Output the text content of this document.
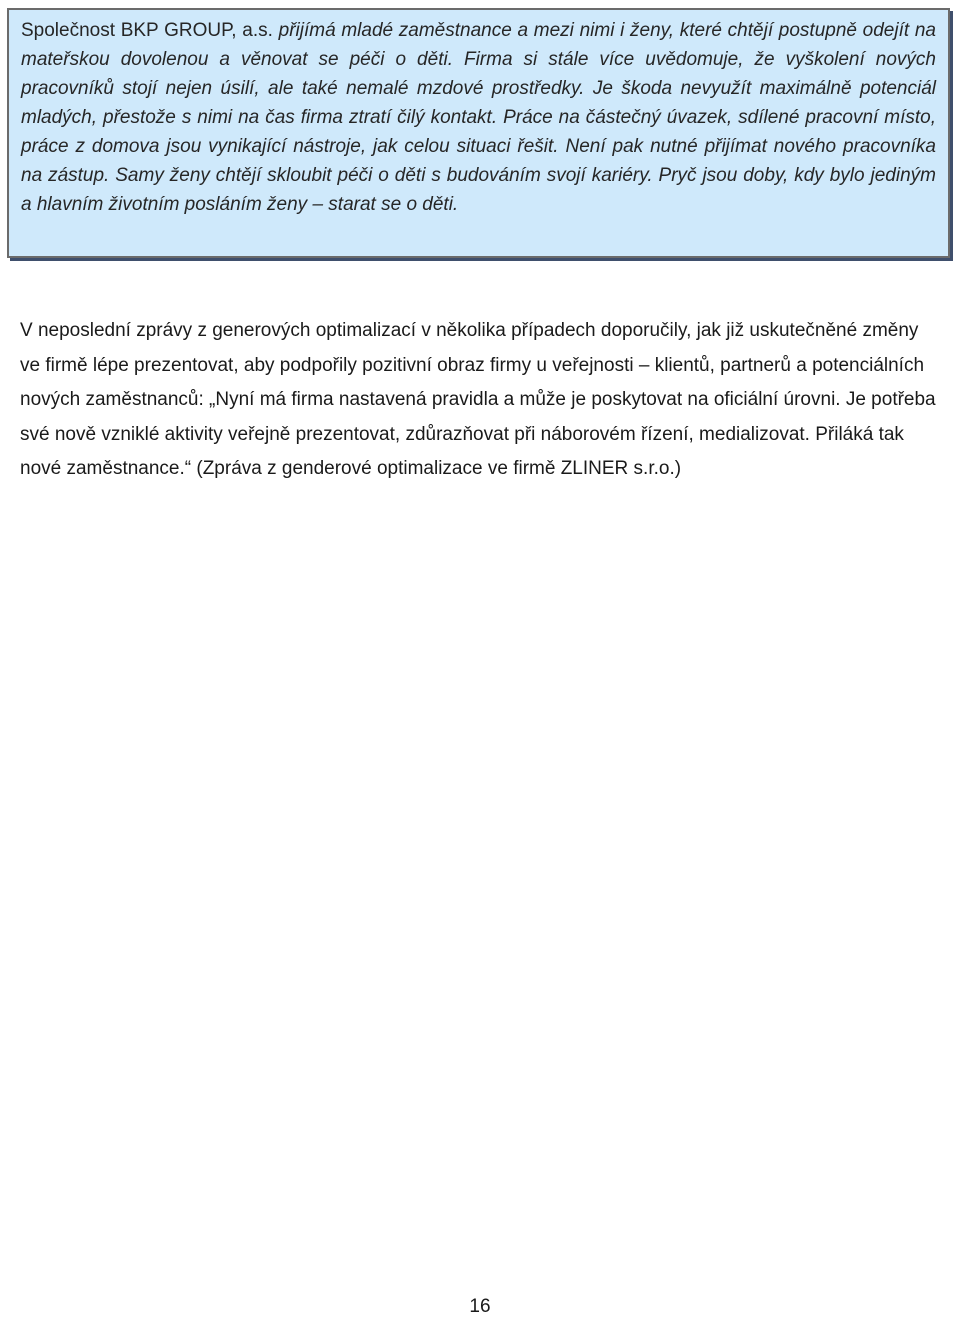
Společnost BKP GROUP, a.s. přijímá mladé zaměstnance a mezi nimi i ženy, které chtějí postupně odejít na mateřskou dovolenou a věnovat se péči o děti. Firma si stále více uvědomuje, že vyškolení nových pracovníků stojí nejen úsilí, ale také nemalé mzdové prostředky. Je škoda nevyužít maximálně potenciál mladých, přestože s nimi na čas firma ztratí čilý kontakt. Práce na částečný úvazek, sdílené pracovní místo, práce z domova jsou vynikající nástroje, jak celou situaci řešit. Není pak nutné přijímat nového pracovníka na zástup. Samy ženy chtějí skloubit péči o děti s budováním svojí kariéry. Pryč jsou doby, kdy bylo jediným a hlavním životním posláním ženy – starat se o děti.

V neposlední zprávy z generových optimalizací v několika případech doporučily, jak již uskutečněné změny ve firmě lépe prezentovat, aby podpořily pozitivní obraz firmy u veřejnosti – klientů, partnerů a potenciálních nových zaměstnanců: „Nyní má firma nastavená pravidla a může je poskytovat na oficiální úrovni. Je potřeba své nově vzniklé aktivity veřejně prezentovat, zdůrazňovat při náborovém řízení, medializovat. Přiláká tak nové zaměstnance.“ (Zpráva z genderové optimalizace ve firmě ZLINER s.r.o.)

16
